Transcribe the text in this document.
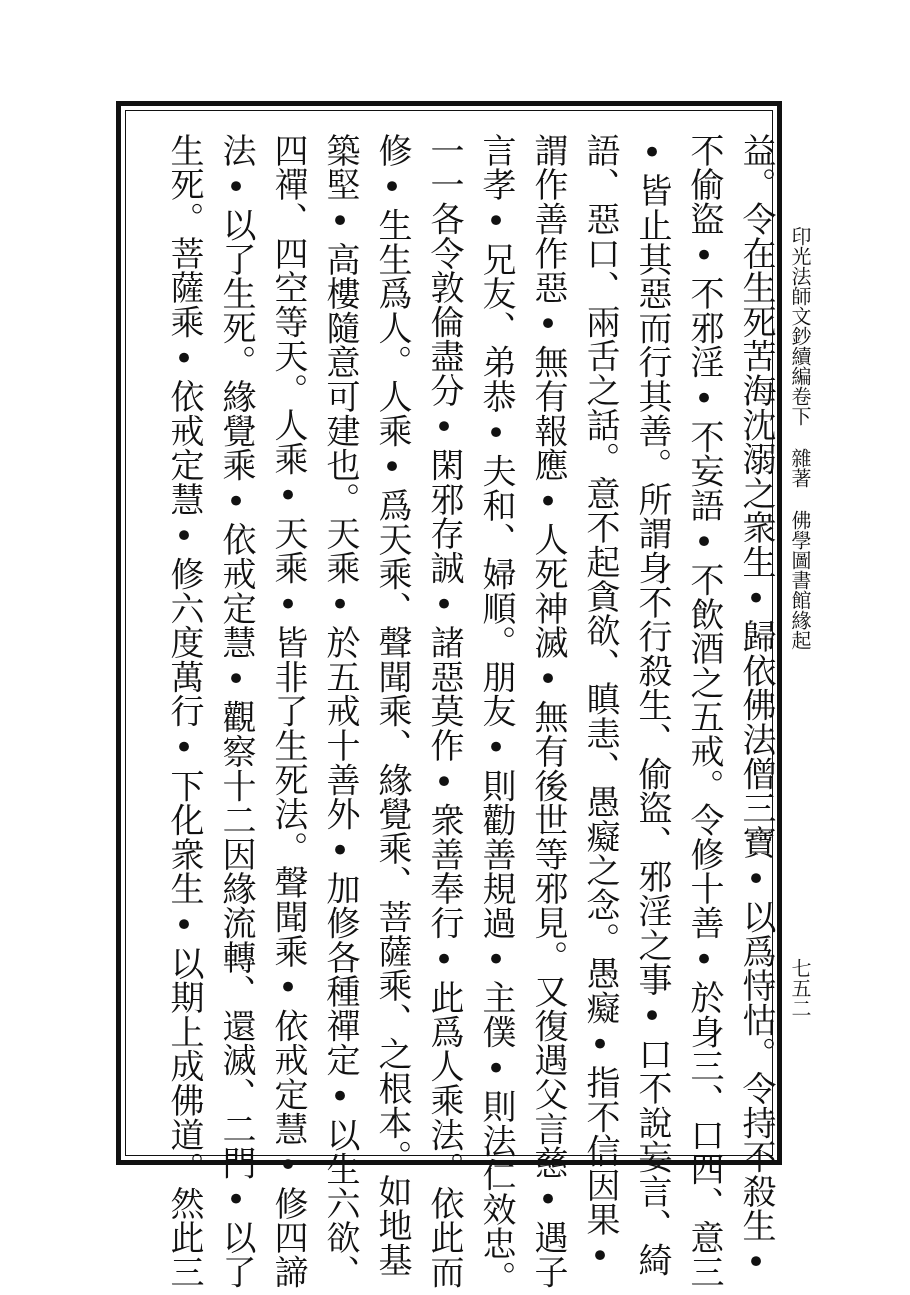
印光法師文鈔續編卷下雜著佛學圖書館緣起
七五二
益。令在生死苦海沈溺之衆生•歸依佛法僧三寶•以爲恃怙。令持不殺生•
不偷盜•不邪淫•不妄語•不飲酒之五戒。令修十善•於身三、口四、意三
•皆止其惡而行其善。所謂身不行殺生、偷盜、邪淫之事•口不說妄言、綺
語、惡口、兩舌之話。意不起貪欲、瞋恚、愚癡之念。愚癡•指不信因果•
謂作善作惡•無有報應•人死神滅•無有後世等邪見。又復遇父言慈•遇子
言孝•兄友、弟恭•夫和、婦順。朋友•則勸善規過•主僕•則法仁效忠。
一一各令敦倫盡分•閑邪存誠•諸惡莫作•衆善奉行•此爲人乘法。依此而
修•生生爲人。人乘•爲天乘、聲聞乘、緣覺乘、菩薩乘、之根本。如地基
築堅•高樓隨意可建也。天乘•於五戒十善外•加修各種禪定•以生六欲、
四禪、四空等天。人乘•天乘•皆非了生死法。聲聞乘•依戒定慧•修四諦
法•以了生死。緣覺乘•依戒定慧•觀察十二因緣流轉、還滅、二門•以了
生死。菩薩乘•依戒定慧•修六度萬行•下化衆生•以期上成佛道。然此三
